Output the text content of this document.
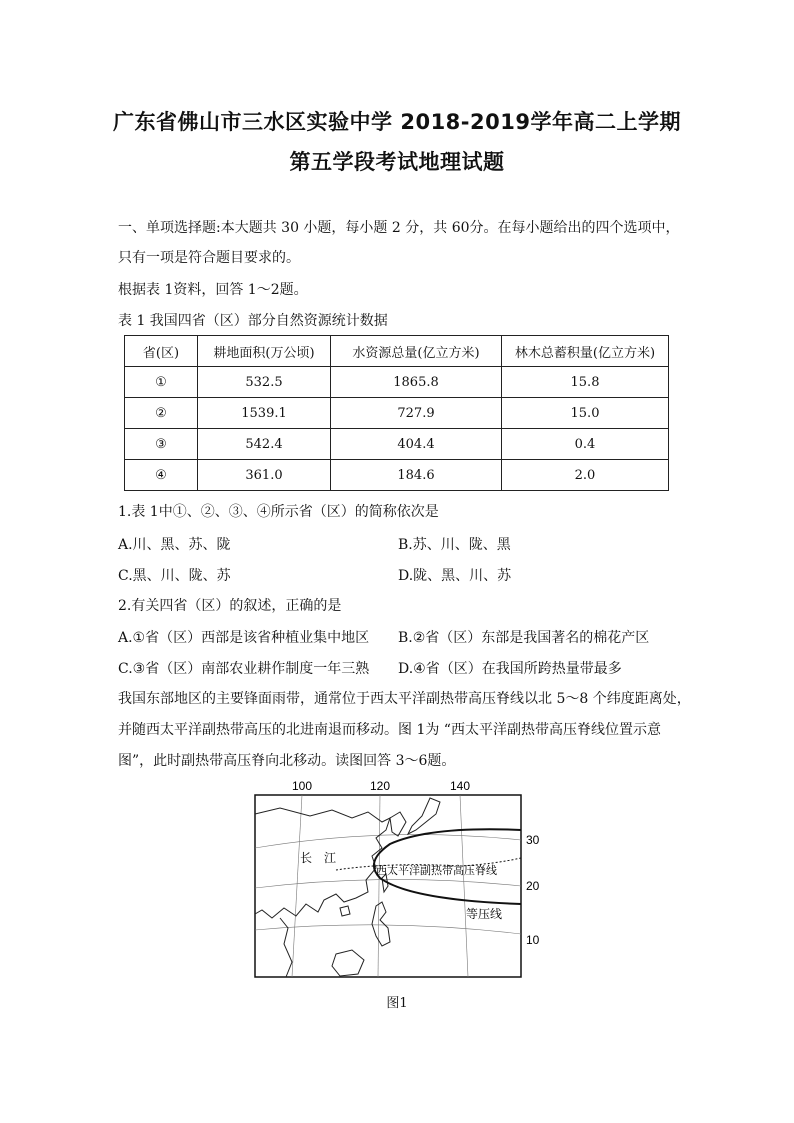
广东省佛山市三水区实验中学 2018-2019学年高二上学期
第五学段考试地理试题
一、单项选择题:本大题共 30 小题，每小题 2 分，共 60分。在每小题给出的四个选项中，
只有一项是符合题目要求的。
根据表 1资料，回答 1～2题。
表 1 我国四省（区）部分自然资源统计数据
省(区)	耕地面积(万公顷)	水资源总量(亿立方米)	林木总蓄积量(亿立方米)
①	532.5	1865.8	15.8
②	1539.1	727.9	15.0
③	542.4	404.4	0.4
④	361.0	184.6	2.0
1.表 1中①、②、③、④所示省（区）的简称依次是
A.川、黑、苏、陇	B.苏、川、陇、黑
C.黑、川、陇、苏	D.陇、黑、川、苏
2.有关四省（区）的叙述，正确的是
A.①省（区）西部是该省种植业集中地区 B.②省（区）东部是我国著名的棉花产区
C.③省（区）南部农业耕作制度一年三熟 D.④省（区）在我国所跨热量带最多
我国东部地区的主要锋面雨带，通常位于西太平洋副热带高压脊线以北 5～8 个纬度距离处，
并随西太平洋副热带高压的北进南退而移动。图 1为 “西太平洋副热带高压脊线位置示意
图”，此时副热带高压脊向北移动。读图回答 3～6题。
100	120	140
长　江
西太平洋副热带高压脊线
等压线
30
20
10
图1
